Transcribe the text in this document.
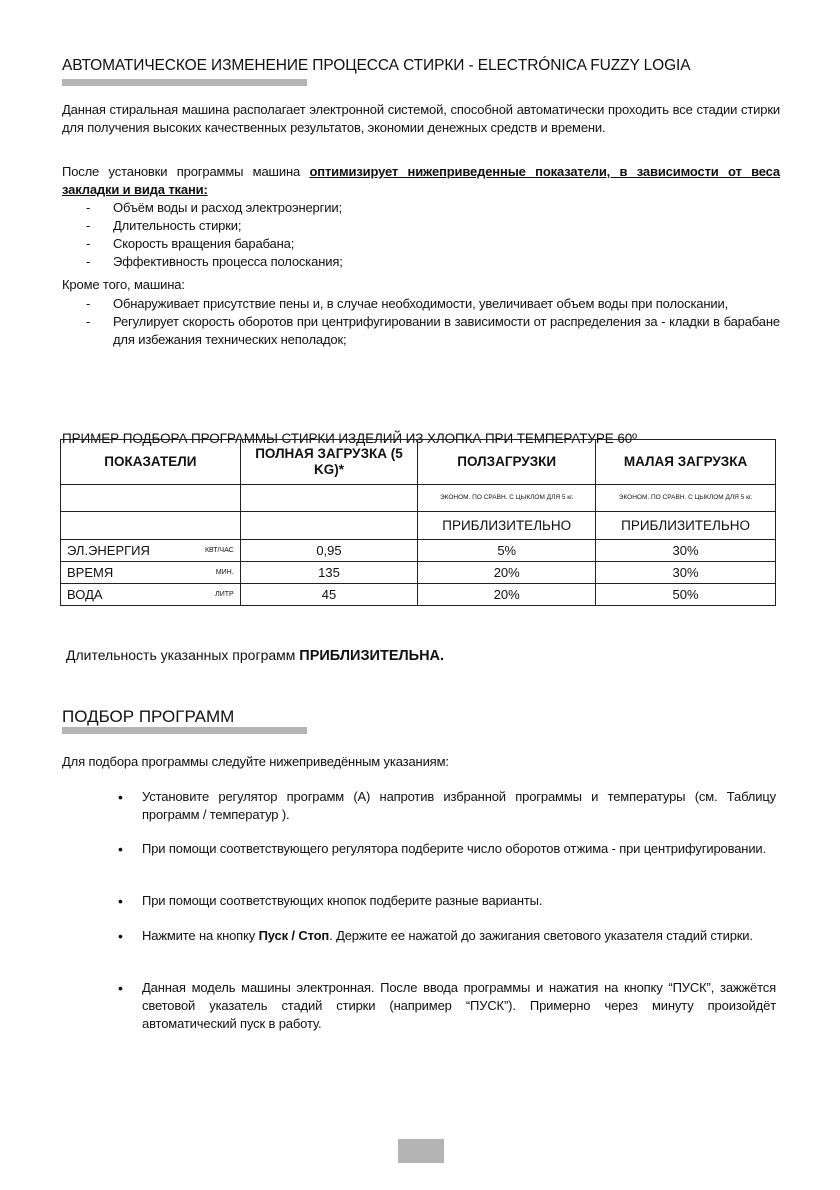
АВТОМАТИЧЕСКОЕ ИЗМЕНЕНИЕ ПРОЦЕССА СТИРКИ - ELECTRÓNICA FUZZY LOGIA
Данная стиральная машина располагает электронной системой, способной автоматически проходить все стадии стирки для получения высоких качественных результатов, экономии денежных средств и времени.
После установки программы машина оптимизирует нижеприведенные показатели, в зависимости от веса закладки и вида ткани:
- Объём воды и расход электроэнергии;
- Длительность стирки;
- Скорость вращения барабана;
- Эффективность процесса полоскания;
Кроме того, машина:
- Обнаруживает присутствие пены и, в случае необходимости, увеличивает объем воды при полоскании,
- Регулирует скорость оборотов при центрифугировании в зависимости от распределения за - кладки в барабане для избежания технических неполадок;
ПРИМЕР ПОДБОРА ПРОГРАММЫ СТИРКИ ИЗДЕЛИЙ ИЗ ХЛОПКА ПРИ ТЕМПЕРАТУРЕ 60º
ПОКАЗАТЕЛИ	ПОЛНАЯ ЗАГРУЗКА (5 KG)*	ПОЛЗАГРУЗКИ	МАЛАЯ ЗАГРУЗКА
		ЭКОНОМ. ПО СРАВН. С ЦЫКЛОМ ДЛЯ 5 кг.	ЭКОНОМ. ПО СРАВН. С ЦЫКЛОМ ДЛЯ 5 кг.
		ПРИБЛИЗИТЕЛЬНО	ПРИБЛИЗИТЕЛЬНО
ЭЛ.ЭНЕРГИЯ КВТ/ЧАС	0,95	5%	30%
ВРЕМЯ МИН.	135	20%	30%
ВОДА ЛИТР	45	20%	50%
Длительность указанных программ ПРИБЛИЗИТЕЛЬНА.
ПОДБОР ПРОГРАММ
Для подбора программы следуйте нижеприведённым указаниям:
• Установите регулятор программ (A) напротив избранной программы и температуры (см. Таблицу программ / температур ).
• При помощи соответствующего регулятора подберите число оборотов отжима - при центрифугировании.
• При помощи соответствующих кнопок подберите разные варианты.
• Нажмите на кнопку Пуск / Стоп. Держите ее нажатой до зажигания светового указателя стадий стирки.
• Данная модель машины электронная. После ввода программы и нажатия на кнопку “ПУСК”, зажжётся световой указатель стадий стирки (например “ПУСК”). Примерно через минуту произойдёт автоматический пуск в работу.
